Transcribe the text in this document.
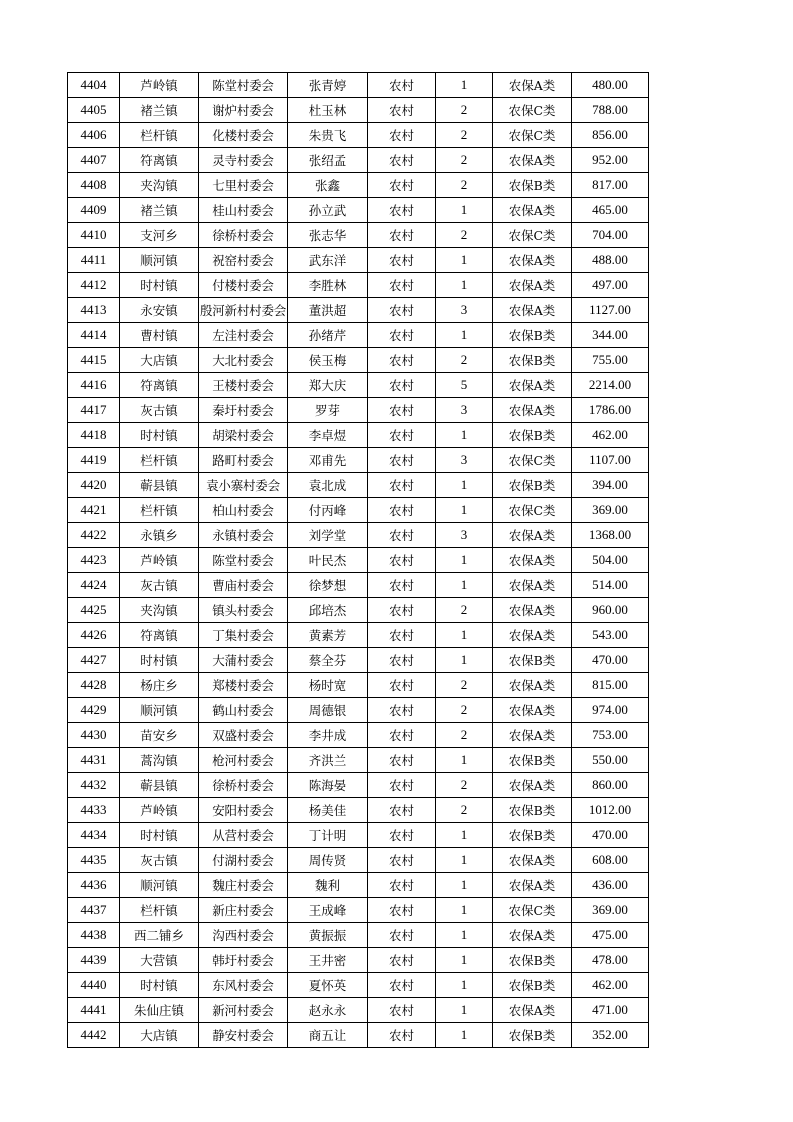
4404	芦岭镇	陈堂村委会	张青婷	农村	1	农保A类	480.00
4405	褚兰镇	谢炉村委会	杜玉林	农村	2	农保C类	788.00
4406	栏杆镇	化楼村委会	朱贵飞	农村	2	农保C类	856.00
4407	符离镇	灵寺村委会	张绍孟	农村	2	农保A类	952.00
4408	夹沟镇	七里村委会	张鑫	农村	2	农保B类	817.00
4409	褚兰镇	桂山村委会	孙立武	农村	1	农保A类	465.00
4410	支河乡	徐桥村委会	张志华	农村	2	农保C类	704.00
4411	顺河镇	祝窑村委会	武东洋	农村	1	农保A类	488.00
4412	时村镇	付楼村委会	李胜林	农村	1	农保A类	497.00
4413	永安镇	殷河新村村委会	董洪超	农村	3	农保A类	1127.00
4414	曹村镇	左洼村委会	孙绪芹	农村	1	农保B类	344.00
4415	大店镇	大北村委会	侯玉梅	农村	2	农保B类	755.00
4416	符离镇	王楼村委会	郑大庆	农村	5	农保A类	2214.00
4417	灰古镇	秦圩村委会	罗芽	农村	3	农保A类	1786.00
4418	时村镇	胡梁村委会	李卓煜	农村	1	农保B类	462.00
4419	栏杆镇	路町村委会	邓甫先	农村	3	农保C类	1107.00
4420	蕲县镇	袁小寨村委会	袁北成	农村	1	农保B类	394.00
4421	栏杆镇	柏山村委会	付丙峰	农村	1	农保C类	369.00
4422	永镇乡	永镇村委会	刘学堂	农村	3	农保A类	1368.00
4423	芦岭镇	陈堂村委会	叶民杰	农村	1	农保A类	504.00
4424	灰古镇	曹庙村委会	徐梦想	农村	1	农保A类	514.00
4425	夹沟镇	镇头村委会	邱培杰	农村	2	农保A类	960.00
4426	符离镇	丁集村委会	黄素芳	农村	1	农保A类	543.00
4427	时村镇	大蒲村委会	蔡全芬	农村	1	农保B类	470.00
4428	杨庄乡	郑楼村委会	杨时宽	农村	2	农保A类	815.00
4429	顺河镇	鹤山村委会	周德银	农村	2	农保A类	974.00
4430	苗安乡	双盛村委会	李井成	农村	2	农保A类	753.00
4431	蒿沟镇	枪河村委会	齐洪兰	农村	1	农保B类	550.00
4432	蕲县镇	徐桥村委会	陈海晏	农村	2	农保A类	860.00
4433	芦岭镇	安阳村委会	杨美佳	农村	2	农保B类	1012.00
4434	时村镇	从营村委会	丁计明	农村	1	农保B类	470.00
4435	灰古镇	付湖村委会	周传贤	农村	1	农保A类	608.00
4436	顺河镇	魏庄村委会	魏利	农村	1	农保A类	436.00
4437	栏杆镇	新庄村委会	王成峰	农村	1	农保C类	369.00
4438	西二铺乡	沟西村委会	黄振振	农村	1	农保A类	475.00
4439	大营镇	韩圩村委会	王井密	农村	1	农保B类	478.00
4440	时村镇	东风村委会	夏怀英	农村	1	农保B类	462.00
4441	朱仙庄镇	新河村委会	赵永永	农村	1	农保A类	471.00
4442	大店镇	静安村委会	商五让	农村	1	农保B类	352.00
